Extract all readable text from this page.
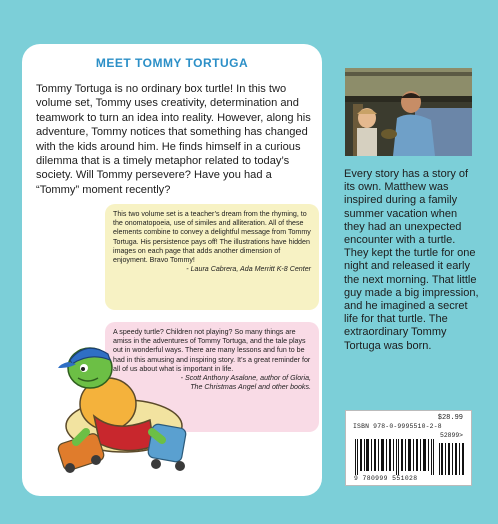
MEET TOMMY TORTUGA

Tommy Tortuga is no ordinary box turtle! In this two volume set, Tommy uses creativity, determination and teamwork to turn an idea into reality. However, along his adventure, Tommy notices that something has changed with the kids around him. He finds himself in a curious dilemma that is a timely metaphor related to today’s society. Will Tommy persevere? Have you had a “Tommy” moment recently?

This two volume set is a teacher’s dream from the rhyming, to the onomatopoeia, use of similes and alliteration. All of these elements combine to convey a delightful message from Tommy Tortuga. His persistence pays off! The illustrations have hidden images on each page that adds another dimension of enjoyment. Bravo Tommy!

- Laura Cabrera, Ada Merritt K-8 Center

A speedy turtle? Children not playing? So many things are amiss in the adventures of Tommy Tortuga, and the tale plays out in wonderful ways. There are many lessons and fun to be had in this amusing and inspiring story. It’s a great reminder for all of us about what is important in life.

- Scott Anthony Asalone, author of Gloria,

The Christmas Angel and other books.

Every story has a story of its own. Matthew was inspired during a family summer vacation when they had an unexpected encounter with a turtle. They kept the turtle for one night and released it early the next morning. That little guy made a big impression, and he imagined a secret life for that turtle. The extraordinary Tommy Tortuga was born.

$28.99
ISBN 978-0-9995510-2-8
52899>
9 780999 551028
